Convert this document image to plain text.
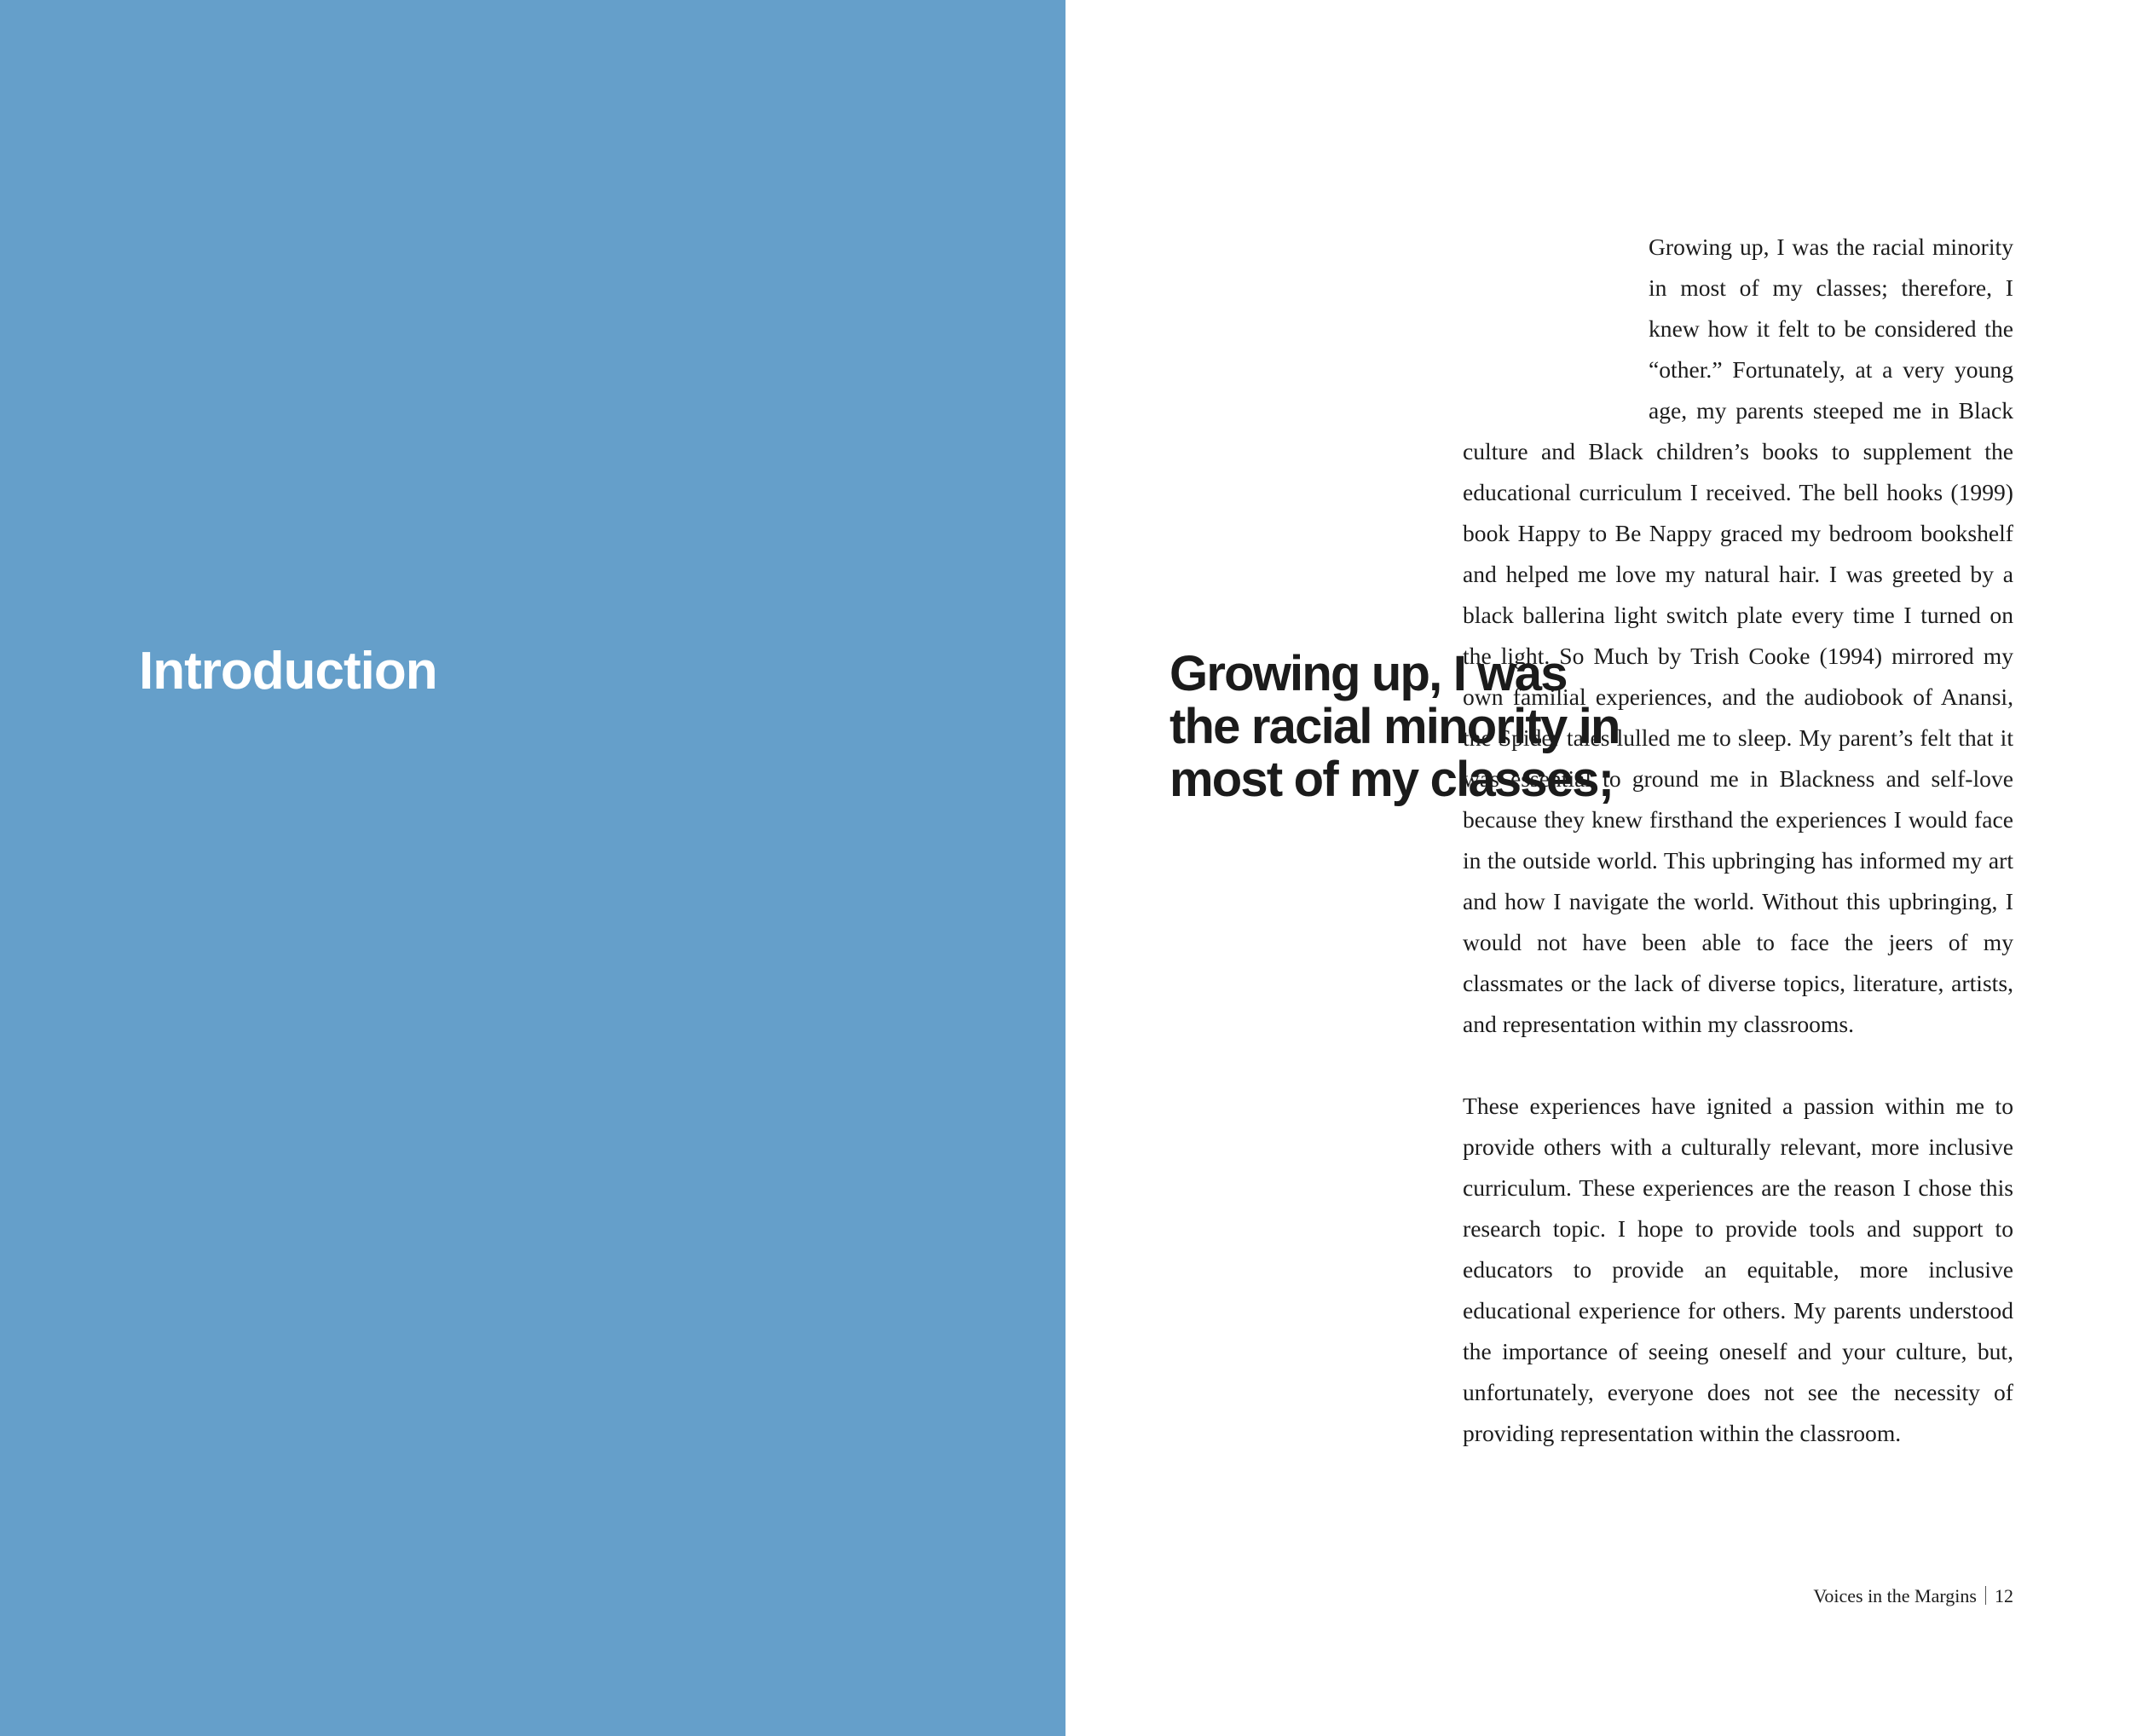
Introduction	Growing up, I was the racial minority in most of my classes;

Growing up, I was the racial minority in most of my classes; therefore, I knew how it felt to be considered the “other.” Fortunately, at a very young age, my parents steeped me in Black culture and Black children’s books to supplement the educational curriculum I received. The bell hooks (1999) book Happy to Be Nappy graced my bedroom bookshelf and helped me love my natural hair. I was greeted by a black ballerina light switch plate every time I turned on the light. So Much by Trish Cooke (1994) mirrored my own familial experiences, and the audiobook of Anansi, the Spider tales lulled me to sleep. My parent’s felt that it was essential to ground me in Blackness and self-love because they knew firsthand the experiences I would face in the outside world. This upbringing has informed my art and how I navigate the world. Without this upbringing, I would not have been able to face the jeers of my classmates or the lack of diverse topics, literature, artists, and representation within my classrooms.

These experiences have ignited a passion within me to provide others with a culturally relevant, more inclusive curriculum. These experiences are the reason I chose this research topic. I hope to provide tools and support to educators to provide an equitable, more inclusive educational experience for others. My parents understood the importance of seeing oneself and your culture, but, unfortunately, everyone does not see the necessity of providing representation within the classroom.

Voices in the Margins 12
